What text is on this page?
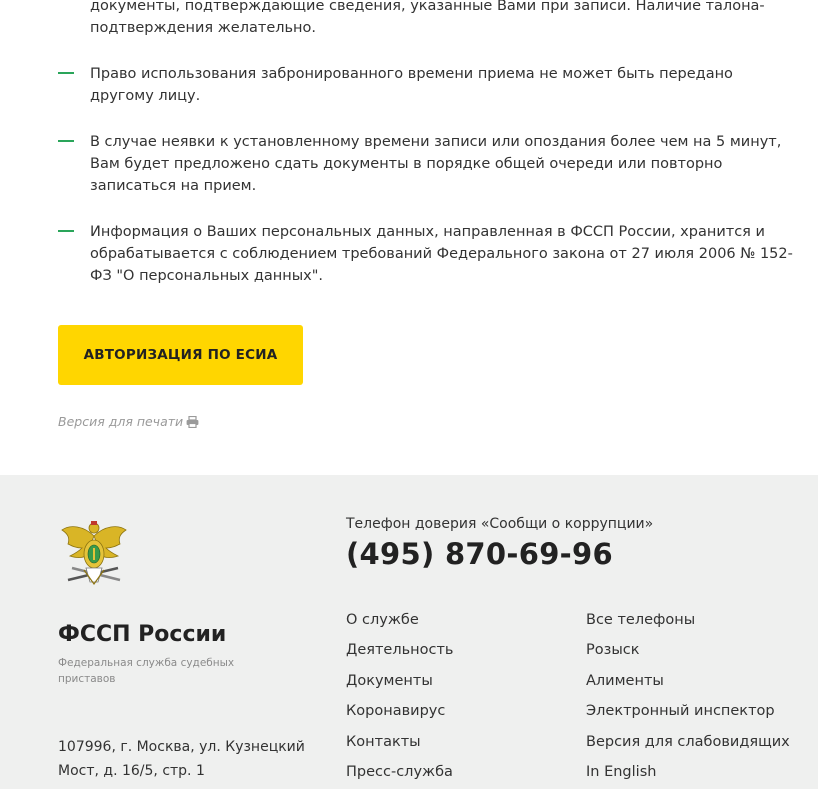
документы, подтверждающие сведения, указанные Вами при записи. Наличие талона-подтверждения желательно.

Право использования забронированного времени приема не может быть передано другому лицу.

В случае неявки к установленному времени записи или опоздания более чем на 5 минут, Вам будет предложено сдать документы в порядке общей очереди или повторно записаться на прием.

Информация о Ваших персональных данных, направленная в ФССП России, хранится и обрабатывается с соблюдением требований Федерального закона от 27 июля 2006 № 152-ФЗ "О персональных данных".

АВТОРИЗАЦИЯ ПО ЕСИА
Версия для печати

ФССП России

Федеральная служба судебных приставов

107996, г. Москва, ул. Кузнецкий Мост, д. 16/5, стр. 1

Телефон доверия «Сообщи о коррупции»

(495) 870-69-96

О службе
Деятельность
Документы
Коронавирус
Контакты
Пресс-служба
Все телефоны
Розыск
Алименты
Электронный инспектор
Версия для слабовидящих
In English
